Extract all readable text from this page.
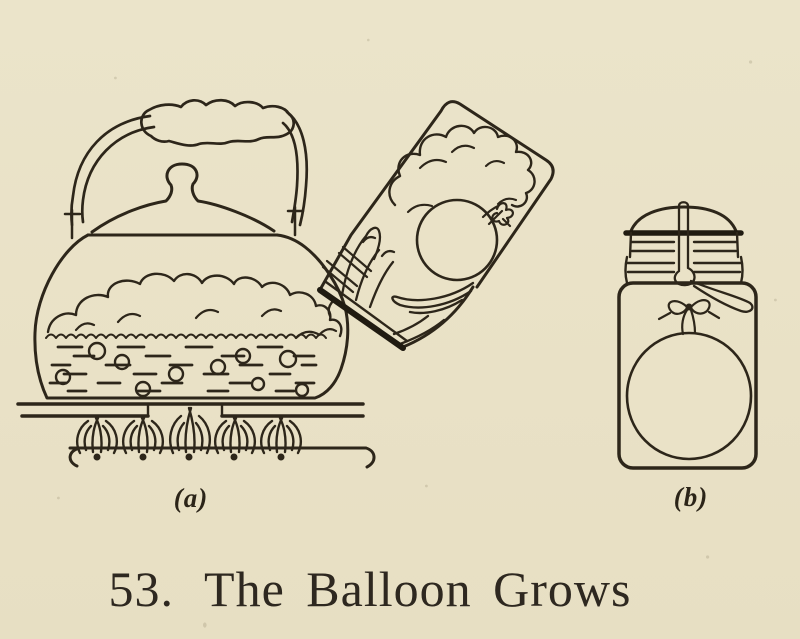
(a)	(b)
53. The Balloon Grows
